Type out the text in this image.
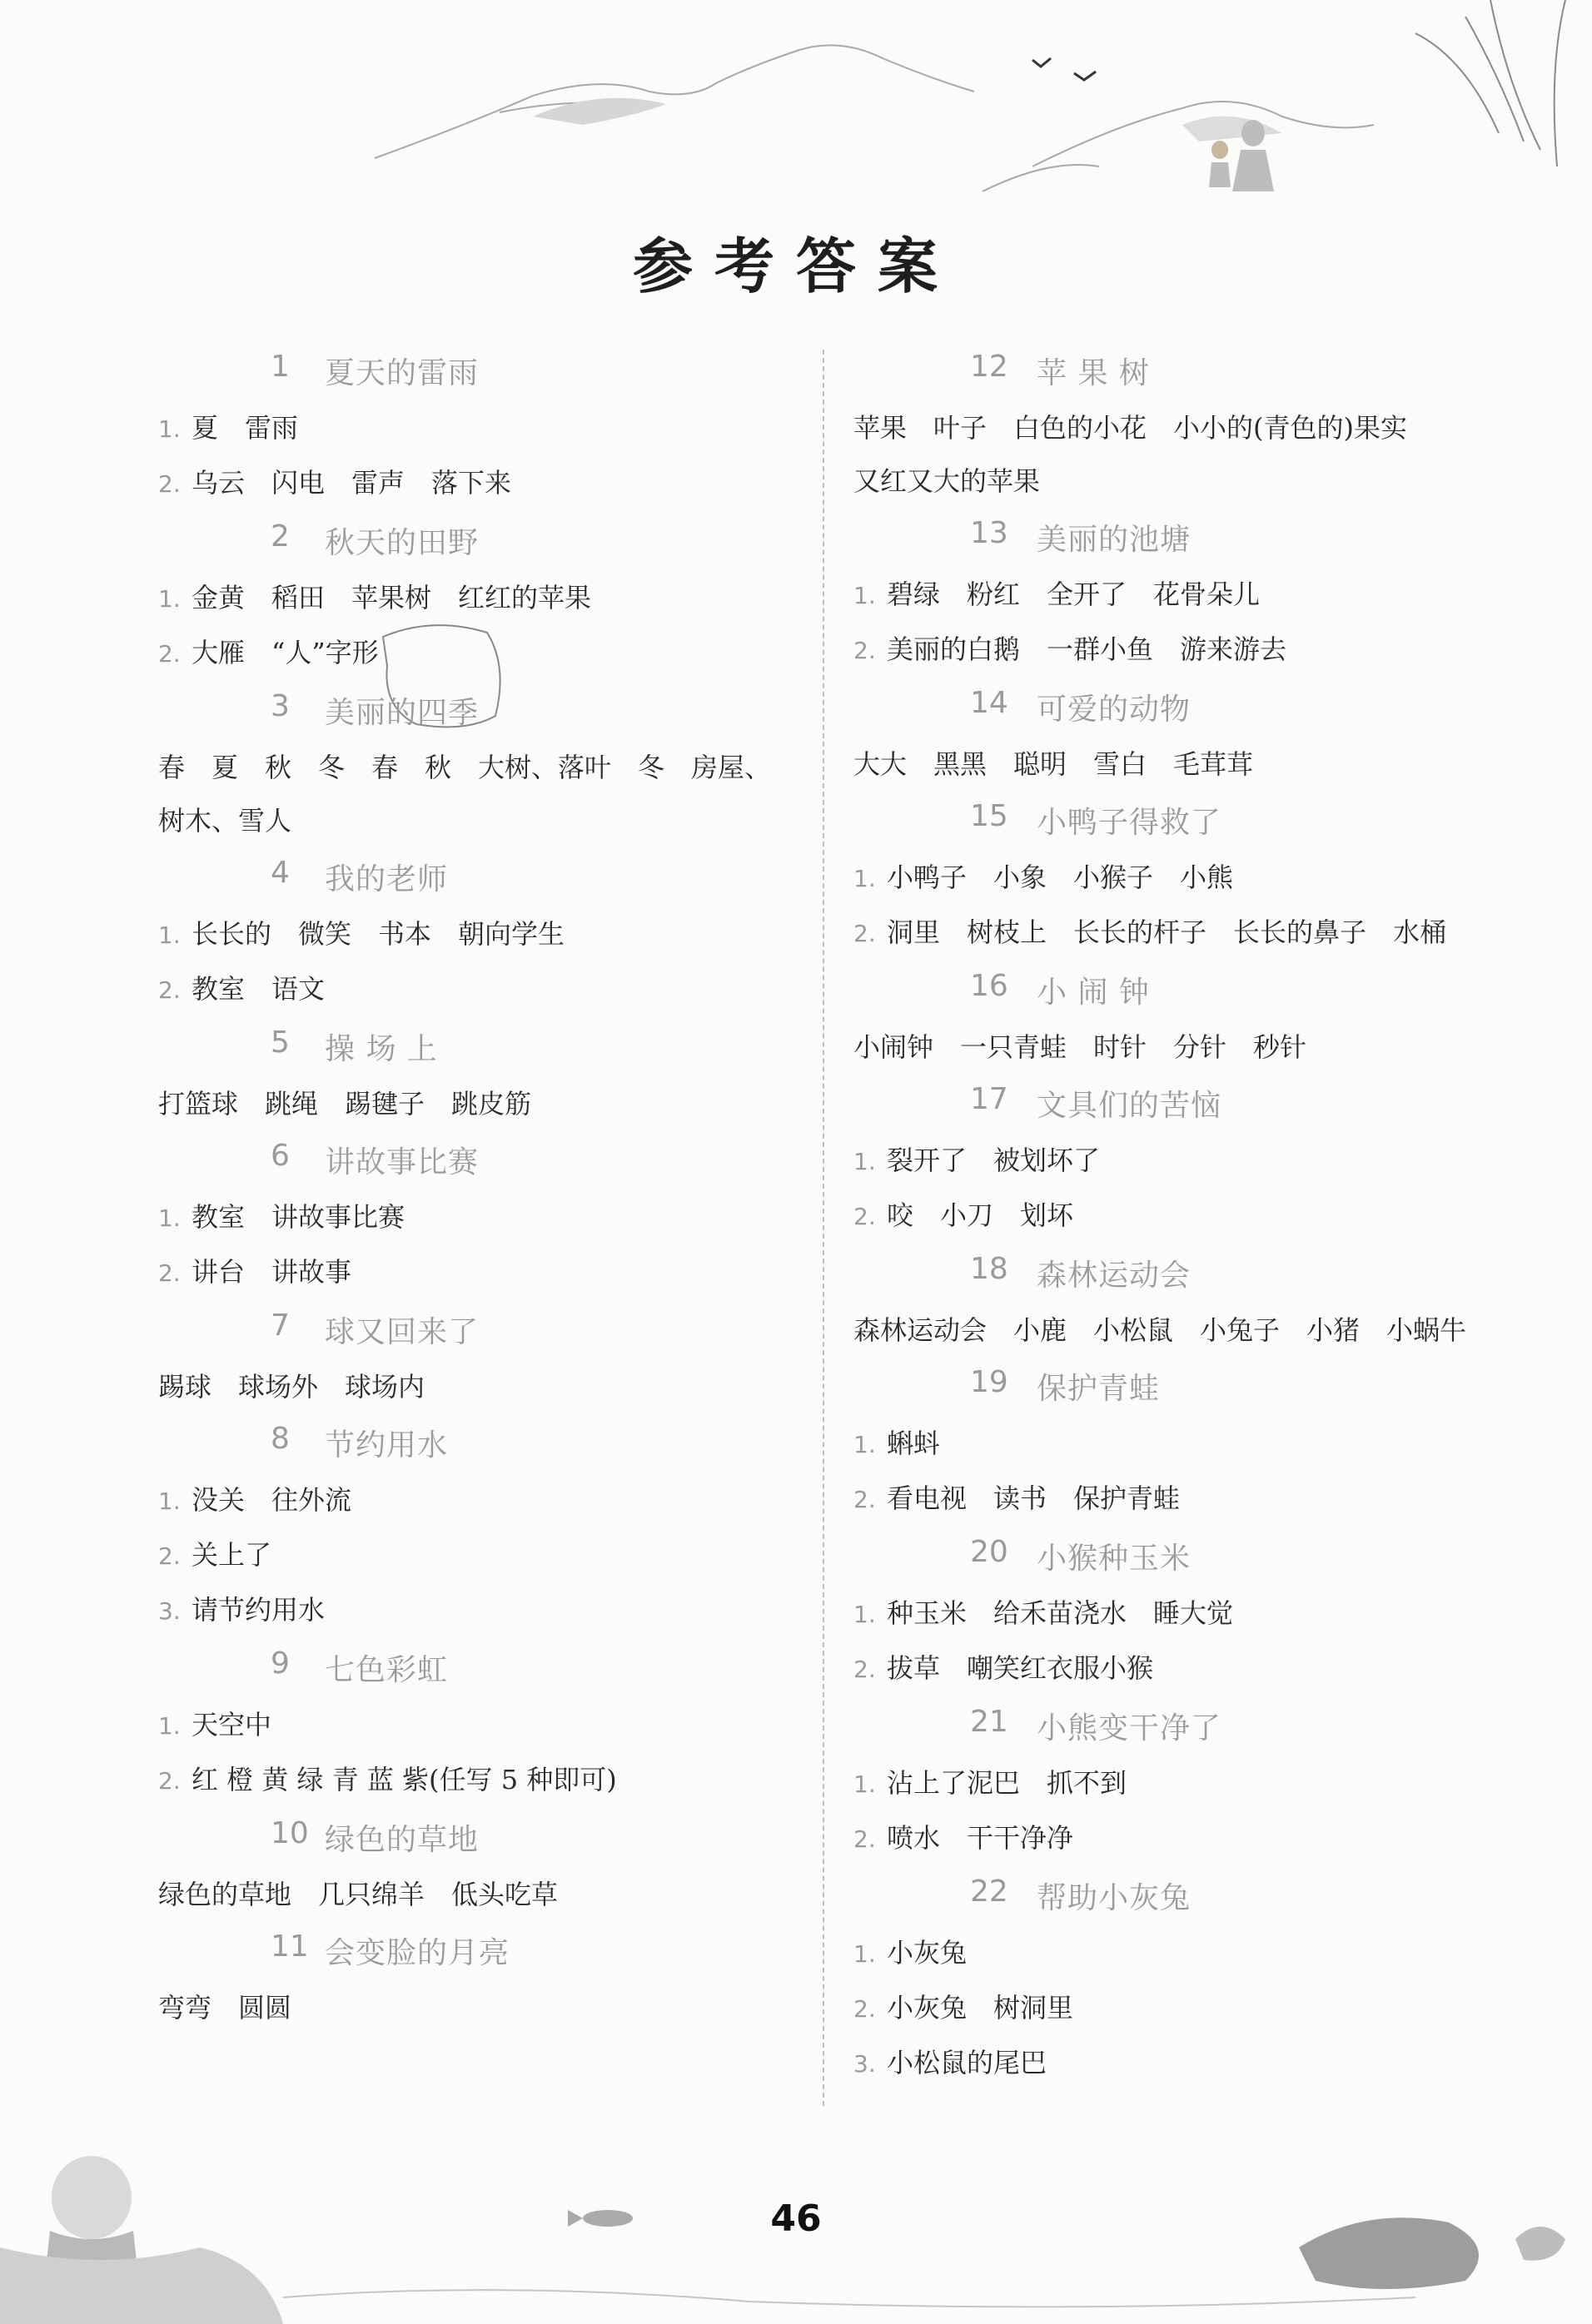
参考答案
1 夏天的雷雨
1. 夏 雷雨
2. 乌云 闪电 雷声 落下来
2 秋天的田野
1. 金黄 稻田 苹果树 红红的苹果
2. 大雁 “人”字形
3 美丽的四季
春　夏　秋　冬　春　秋　大树、落叶　冬　房屋、
树木、雪人
4 我的老师
1. 长长的 微笑 书本 朝向学生
2. 教室 语文
5 操 场 上
打篮球　跳绳　踢毽子　跳皮筋
6 讲故事比赛
1. 教室 讲故事比赛
2. 讲台 讲故事
7 球又回来了
踢球　球场外　球场内
8 节约用水
1. 没关 往外流
2. 关上了
3. 请节约用水
9 七色彩虹
1. 天空中
2. 红 橙 黄 绿 青 蓝 紫(任写 5 种即可)
10 绿色的草地
绿色的草地　几只绵羊　低头吃草
11 会变脸的月亮
弯弯　圆圆
12 苹 果 树
苹果　叶子　白色的小花　小小的(青色的)果实
又红又大的苹果
13 美丽的池塘
1. 碧绿 粉红 全开了 花骨朵儿
2. 美丽的白鹅 一群小鱼 游来游去
14 可爱的动物
大大　黑黑　聪明　雪白　毛茸茸
15 小鸭子得救了
1. 小鸭子 小象 小猴子 小熊
2. 洞里 树枝上 长长的杆子 长长的鼻子 水桶
16 小 闹 钟
小闹钟　一只青蛙　时针　分针　秒针
17 文具们的苦恼
1. 裂开了 被划坏了
2. 咬 小刀 划坏
18 森林运动会
森林运动会　小鹿　小松鼠　小兔子　小猪　小蜗牛
19 保护青蛙
1. 蝌蚪
2. 看电视 读书 保护青蛙
20 小猴种玉米
1. 种玉米 给禾苗浇水 睡大觉
2. 拔草 嘲笑红衣服小猴
21 小熊变干净了
1. 沾上了泥巴 抓不到
2. 喷水 干干净净
22 帮助小灰兔
1. 小灰兔
2. 小灰兔 树洞里
3. 小松鼠的尾巴
46
